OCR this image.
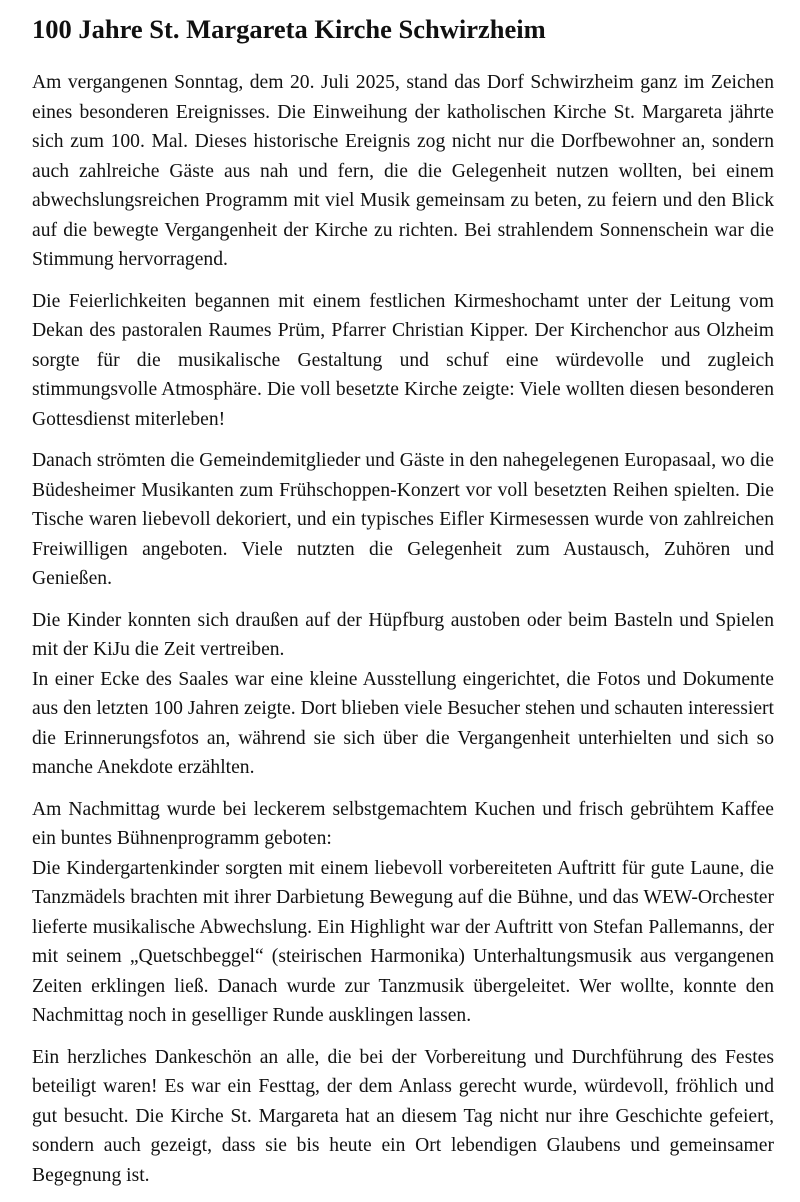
100 Jahre St. Margareta Kirche Schwirzheim
Am vergangenen Sonntag, dem 20. Juli 2025, stand das Dorf Schwirzheim ganz im Zeichen eines besonderen Ereignisses. Die Einweihung der katholischen Kirche St. Margareta jährte sich zum 100. Mal. Dieses historische Ereignis zog nicht nur die Dorfbewohner an, sondern auch zahlreiche Gäste aus nah und fern, die die Gelegenheit nutzen wollten, bei einem abwechslungsreichen Programm mit viel Musik gemeinsam zu beten, zu feiern und den Blick auf die bewegte Vergangenheit der Kirche zu richten. Bei strahlendem Sonnenschein war die Stimmung hervorragend.
Die Feierlichkeiten begannen mit einem festlichen Kirmeshochamt unter der Leitung vom Dekan des pastoralen Raumes Prüm, Pfarrer Christian Kipper. Der Kirchenchor aus Olzheim sorgte für die musikalische Gestaltung und schuf eine würdevolle und zugleich stimmungsvolle Atmosphäre. Die voll besetzte Kirche zeigte: Viele wollten diesen besonderen Gottesdienst miterleben!
Danach strömten die Gemeindemitglieder und Gäste in den nahegelegenen Europasaal, wo die Büdesheimer Musikanten zum Frühschoppen-Konzert vor voll besetzten Reihen spielten. Die Tische waren liebevoll dekoriert, und ein typisches Eifler Kirmesessen wurde von zahlreichen Freiwilligen angeboten. Viele nutzten die Gelegenheit zum Austausch, Zuhören und Genießen.
Die Kinder konnten sich draußen auf der Hüpfburg austoben oder beim Basteln und Spielen mit der KiJu die Zeit vertreiben.
In einer Ecke des Saales war eine kleine Ausstellung eingerichtet, die Fotos und Dokumente aus den letzten 100 Jahren zeigte. Dort blieben viele Besucher stehen und schauten interessiert die Erinnerungsfotos an, während sie sich über die Vergangenheit unterhielten und sich so manche Anekdote erzählten.
Am Nachmittag wurde bei leckerem selbstgemachtem Kuchen und frisch gebrühtem Kaffee ein buntes Bühnenprogramm geboten:
Die Kindergartenkinder sorgten mit einem liebevoll vorbereiteten Auftritt für gute Laune, die Tanzmädels brachten mit ihrer Darbietung Bewegung auf die Bühne, und das WEW-Orchester lieferte musikalische Abwechslung. Ein Highlight war der Auftritt von Stefan Pallemanns, der mit seinem „Quetschbeggel“ (steirischen Harmonika) Unterhaltungsmusik aus vergangenen Zeiten erklingen ließ. Danach wurde zur Tanzmusik übergeleitet. Wer wollte, konnte den Nachmittag noch in geselliger Runde ausklingen lassen.
Ein herzliches Dankeschön an alle, die bei der Vorbereitung und Durchführung des Festes beteiligt waren! Es war ein Festtag, der dem Anlass gerecht wurde, würdevoll, fröhlich und gut besucht. Die Kirche St. Margareta hat an diesem Tag nicht nur ihre Geschichte gefeiert, sondern auch gezeigt, dass sie bis heute ein Ort lebendigen Glaubens und gemeinsamer Begegnung ist.
